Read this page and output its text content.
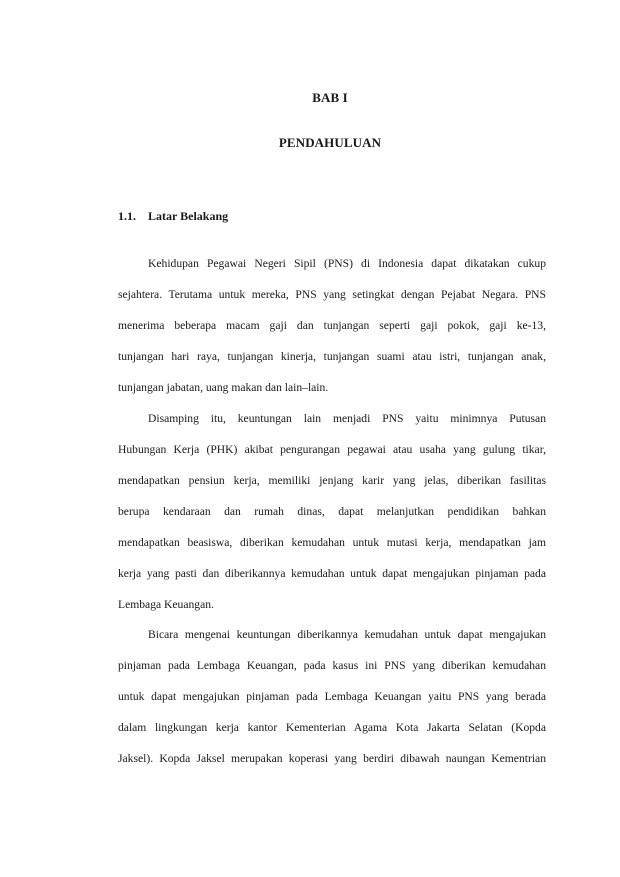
BAB I
PENDAHULUAN
1.1. Latar Belakang
Kehidupan Pegawai Negeri Sipil (PNS) di Indonesia dapat dikatakan cukup
sejahtera. Terutama untuk mereka, PNS yang setingkat dengan Pejabat Negara. PNS
menerima beberapa macam gaji dan tunjangan seperti gaji pokok, gaji ke-13,
tunjangan hari raya, tunjangan kinerja, tunjangan suami atau istri, tunjangan anak,
tunjangan jabatan, uang makan dan lain–lain.
Disamping itu, keuntungan lain menjadi PNS yaitu minimnya Putusan
Hubungan Kerja (PHK) akibat pengurangan pegawai atau usaha yang gulung tikar,
mendapatkan pensiun kerja, memiliki jenjang karir yang jelas, diberikan fasilitas
berupa kendaraan dan rumah dinas, dapat melanjutkan pendidikan bahkan
mendapatkan beasiswa, diberikan kemudahan untuk mutasi kerja, mendapatkan jam
kerja yang pasti dan diberikannya kemudahan untuk dapat mengajukan pinjaman pada
Lembaga Keuangan.
Bicara mengenai keuntungan diberikannya kemudahan untuk dapat mengajukan
pinjaman pada Lembaga Keuangan, pada kasus ini PNS yang diberikan kemudahan
untuk dapat mengajukan pinjaman pada Lembaga Keuangan yaitu PNS yang berada
dalam lingkungan kerja kantor Kementerian Agama Kota Jakarta Selatan (Kopda
Jaksel). Kopda Jaksel merupakan koperasi yang berdiri dibawah naungan Kementrian
